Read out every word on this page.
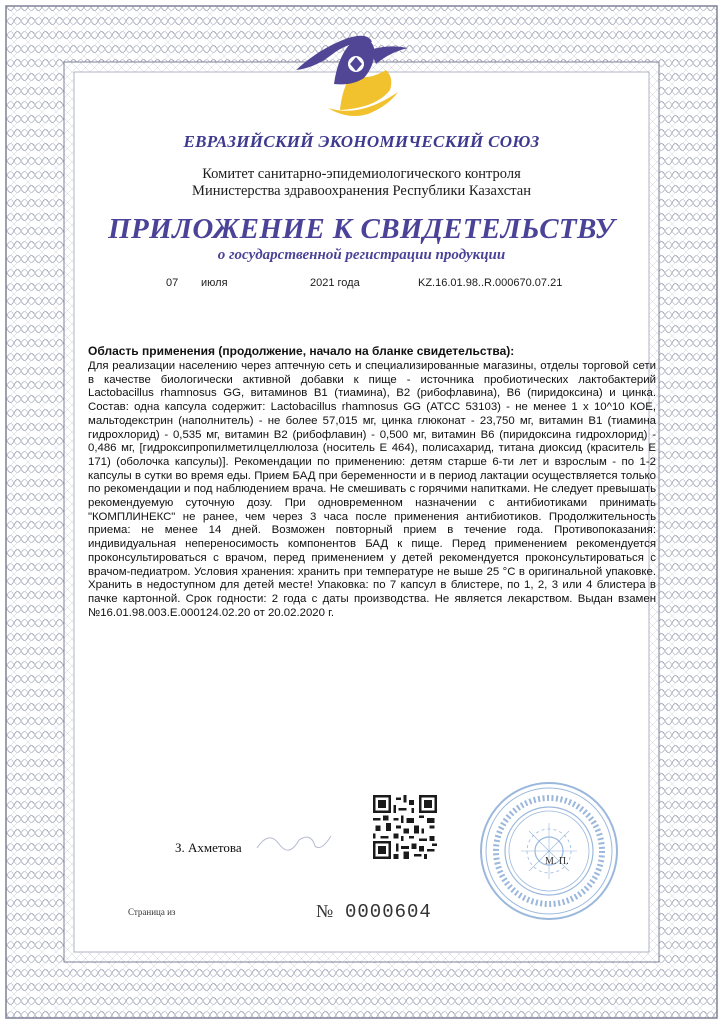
ЕВРАЗИЙСКИЙ ЭКОНОМИЧЕСКИЙ СОЮЗ
Комитет санитарно-эпидемиологического контроля
Министерства здравоохранения Республики Казахстан
ПРИЛОЖЕНИЕ К СВИДЕТЕЛЬСТВУ
о государственной регистрации продукции
07 июля	2021 года	KZ.16.01.98..R.000670.07.21
Область применения (продолжение, начало на бланке свидетельства):
Для реализации населению через аптечную сеть и специализированные магазины, отделы торговой сети в качестве биологически активной добавки к пище - источника пробиотических лактобактерий Lactobacillus rhamnosus GG, витаминов B1 (тиамина), B2 (рибофлавина), B6 (пиридоксина) и цинка. Состав: одна капсула содержит: Lactobacillus rhamnosus GG (ATCC 53103) - не менее 1 x 10^10 КОЕ, мальтодекстрин (наполнитель) - не более 57,015 мг, цинка глюконат - 23,750 мг, витамин B1 (тиамина гидрохлорид) - 0,535 мг, витамин B2 (рибофлавин) - 0,500 мг, витамин B6 (пиридоксина гидрохлорид) - 0,486 мг, [гидроксипропилметилцеллюлоза (носитель Е 464), полисахарид, титана диоксид (краситель Е 171) (оболочка капсулы)]. Рекомендации по применению: детям старше 6-ти лет и взрослым - по 1-2 капсулы в сутки во время еды. Прием БАД при беременности и в период лактации осуществляется только по рекомендации и под наблюдением врача. Не смешивать с горячими напитками. Не следует превышать рекомендуемую суточную дозу. При одновременном назначении с антибиотиками принимать "КОМПЛИНЕКС" не ранее, чем через 3 часа после применения антибиотиков. Продолжительность приема: не менее 14 дней. Возможен повторный прием в течение года. Противопоказания: индивидуальная непереносимость компонентов БАД к пище. Перед применением рекомендуется проконсультироваться с врачом, перед применением у детей рекомендуется проконсультироваться с врачом-педиатром. Условия хранения: хранить при температуре не выше 25 °С в оригинальной упаковке. Хранить в недоступном для детей месте! Упаковка: по 7 капсул в блистере, по 1, 2, 3 или 4 блистера в пачке картонной. Срок годности: 2 года с даты производства. Не является лекарством. Выдан взамен №16.01.98.003.E.000124.02.20 от 20.02.2020 г.
М. П.
З. Ахметова
Страница из	№ 0000604
